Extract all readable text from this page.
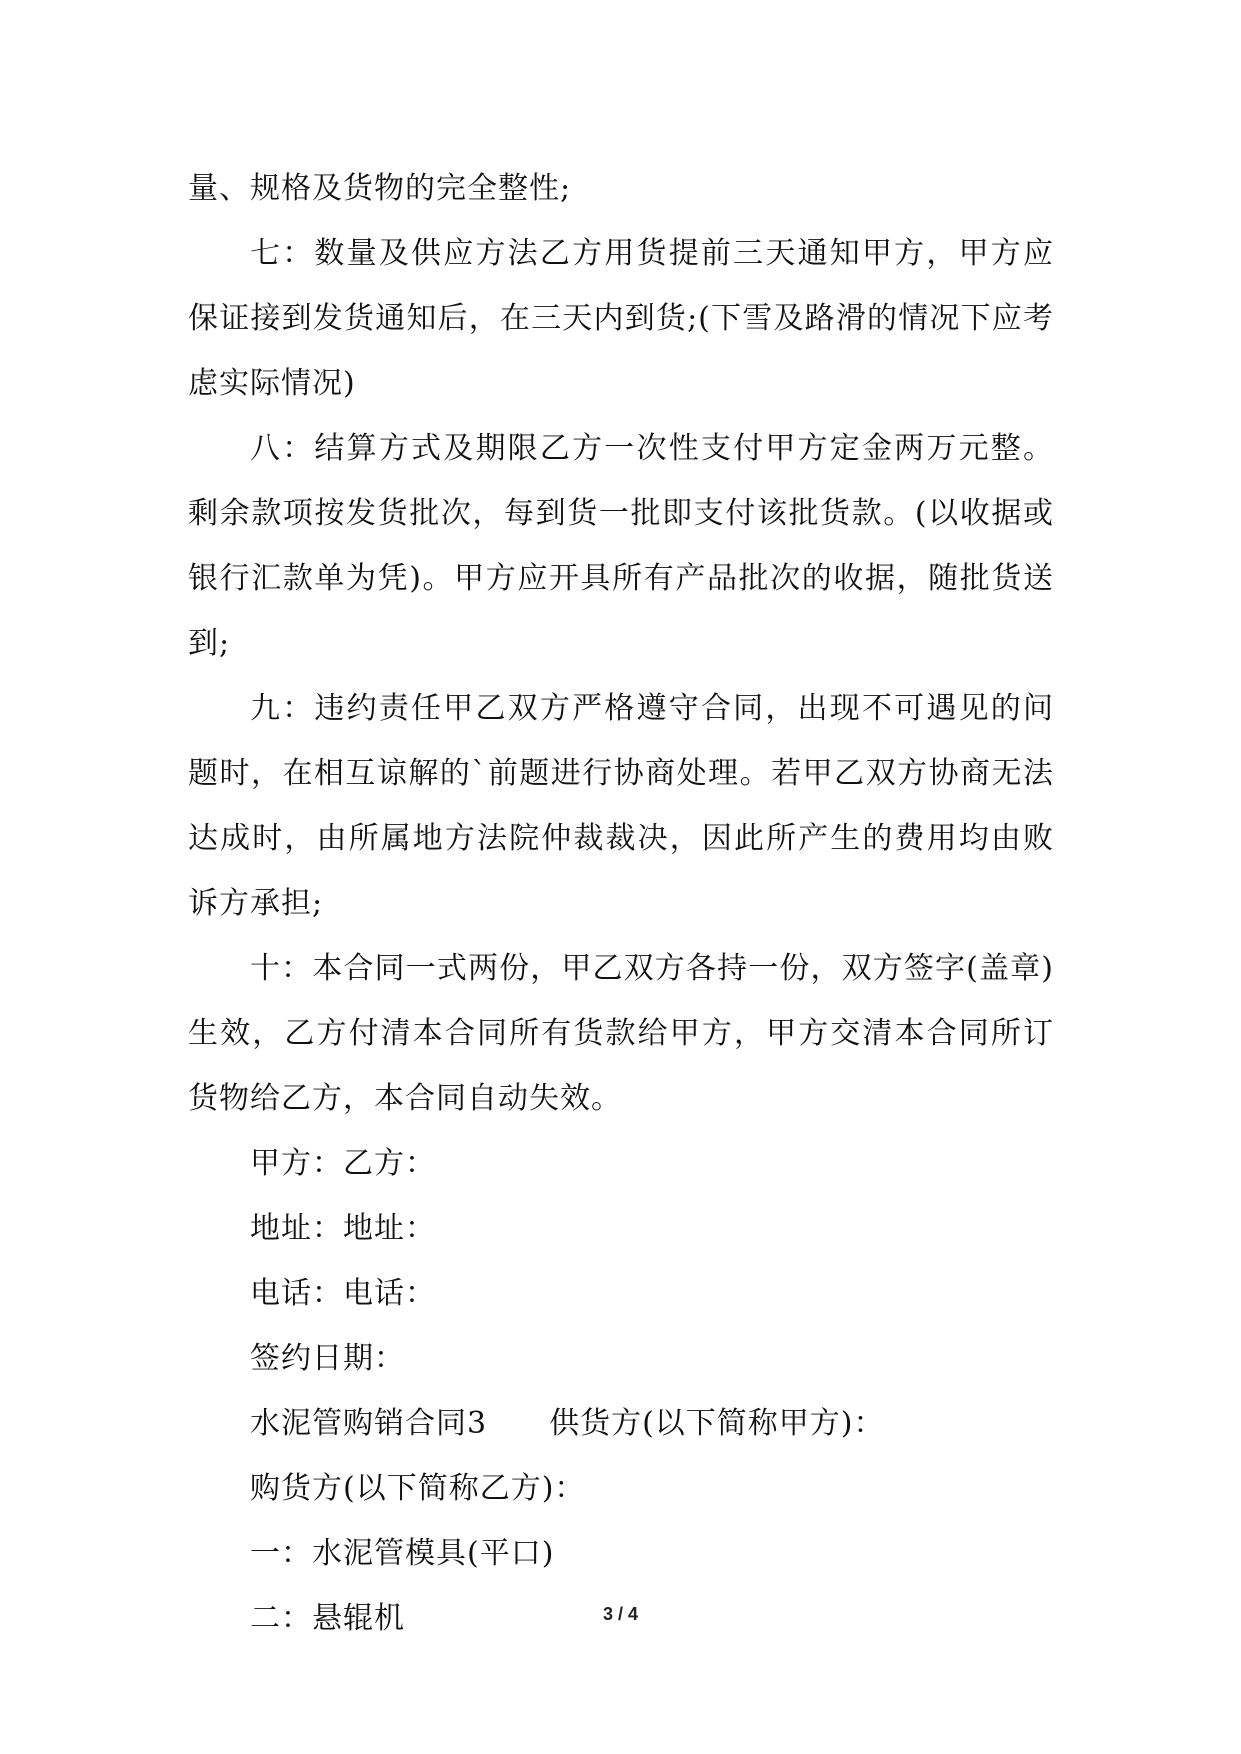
量、规格及货物的完全整性;

七：数量及供应方法乙方用货提前三天通知甲方，甲方应保证接到发货通知后，在三天内到货;(下雪及路滑的情况下应考虑实际情况)

八：结算方式及期限乙方一次性支付甲方定金两万元整。剩余款项按发货批次，每到货一批即支付该批货款。(以收据或银行汇款单为凭)。甲方应开具所有产品批次的收据，随批货送到;

九：违约责任甲乙双方严格遵守合同，出现不可遇见的问题时，在相互谅解的`前题进行协商处理。若甲乙双方协商无法达成时，由所属地方法院仲裁裁决，因此所产生的费用均由败诉方承担;

十：本合同一式两份，甲乙双方各持一份，双方签字(盖章)生效，乙方付清本合同所有货款给甲方，甲方交清本合同所订货物给乙方，本合同自动失效。

甲方：乙方：

地址：地址：

电话：电话：

签约日期：

水泥管购销合同3　　供货方(以下简称甲方)：

购货方(以下简称乙方)：

一：水泥管模具(平口)

二：悬辊机	3 / 4
